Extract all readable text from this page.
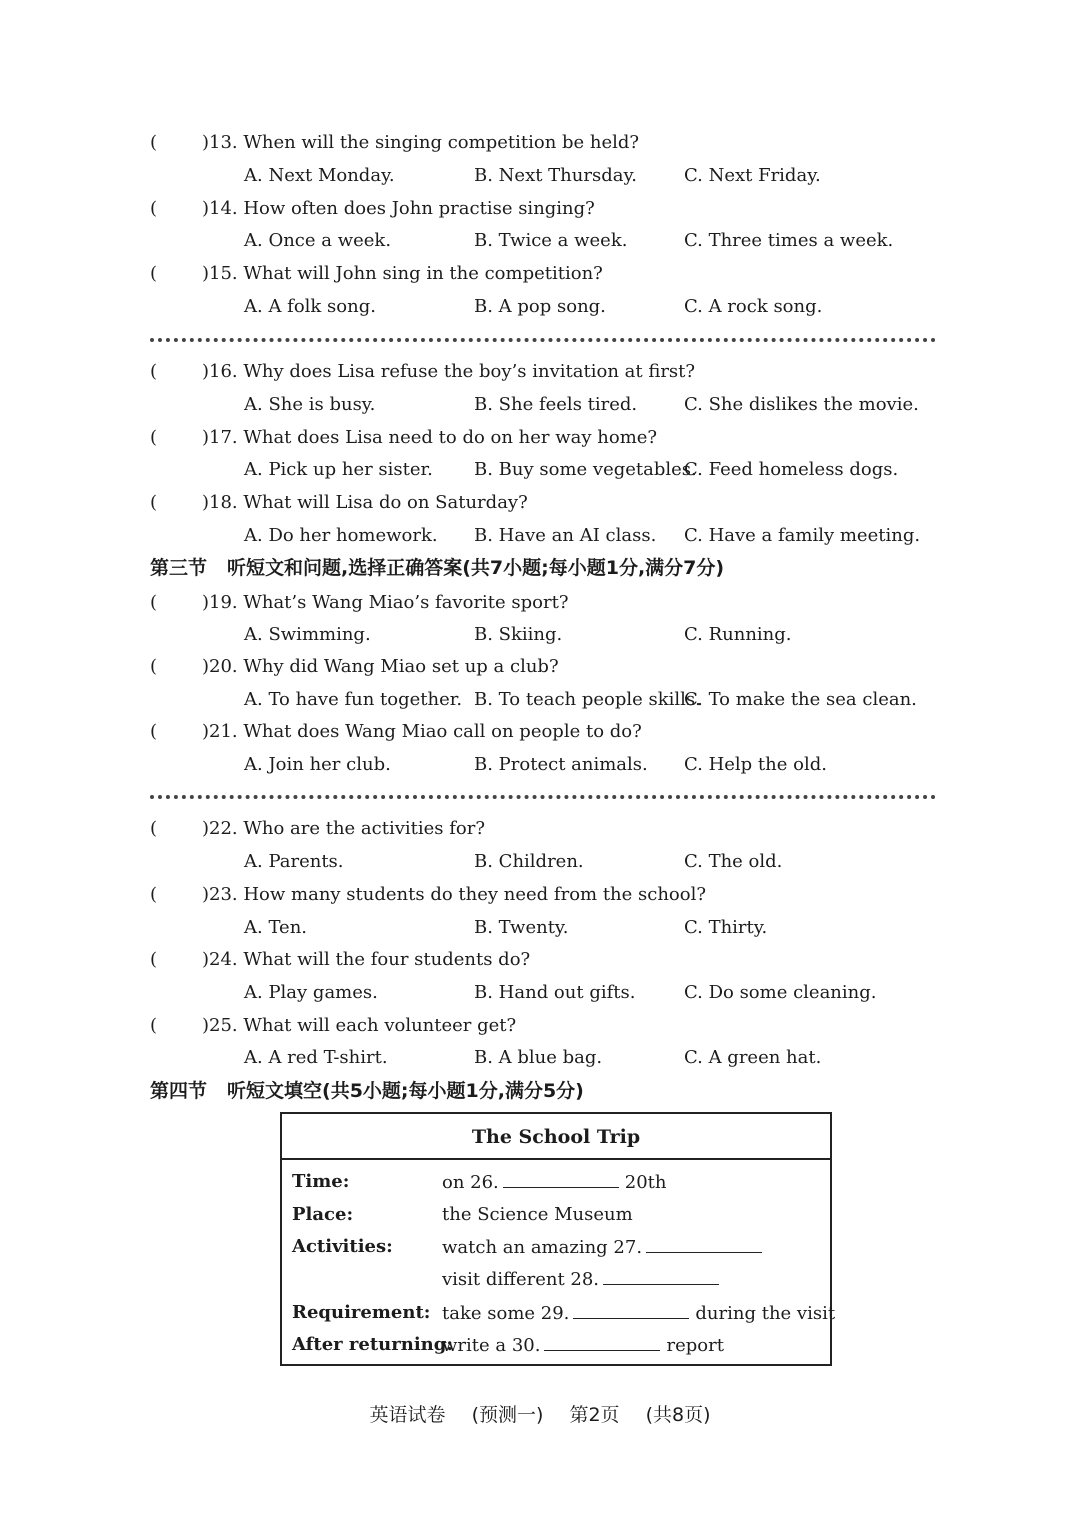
( ) 13. When will the singing competition be held?
A. Next Monday.	B. Next Thursday.	C. Next Friday.
( ) 14. How often does John practise singing?
A. Once a week.	B. Twice a week.	C. Three times a week.
( ) 15. What will John sing in the competition?
A. A folk song.	B. A pop song.	C. A rock song.
( ) 16. Why does Lisa refuse the boy’s invitation at first?
A. She is busy.	B. She feels tired.	C. She dislikes the movie.
( ) 17. What does Lisa need to do on her way home?
A. Pick up her sister. B. Buy some vegetables.
C. Feed homeless dogs.
( ) 18. What will Lisa do on Saturday?
A. Do her homework. B. Have an AI class. C. Have a family meeting.
第三节 听短文和问题,选择正确答案(共7小题;每小题1分,满分7分)
( ) 19. What’s Wang Miao’s favorite sport?
A. Swimming.	B. Skiing.	C. Running.
( ) 20. Why did Wang Miao set up a club?
A. To have fun together. B. To teach people skills.
C. To make the sea clean.
( ) 21. What does Wang Miao call on people to do?
A. Join her club.	B. Protect animals. C. Help the old.
( ) 22. Who are the activities for?
A. Parents.	B. Children.	C. The old.
( ) 23. How many students do they need from the school?
A. Ten.	B. Twenty.	C. Thirty.
( ) 24. What will the four students do?
A. Play games.	B. Hand out gifts.	C. Do some cleaning.
( ) 25. What will each volunteer get?
A. A red T-shirt.	B. A blue bag.	C. A green hat.
第四节 听短文填空(共5小题;每小题1分,满分5分)
The School Trip
Time:	on 26.	20th
Place:	the Science Museum
Activities:	watch an amazing 27.
visit different 28.
Requirement: take some 29.	during the visit
After returning:
write a 30.	report
英语试卷 (预测一) 第2页 (共8页)
